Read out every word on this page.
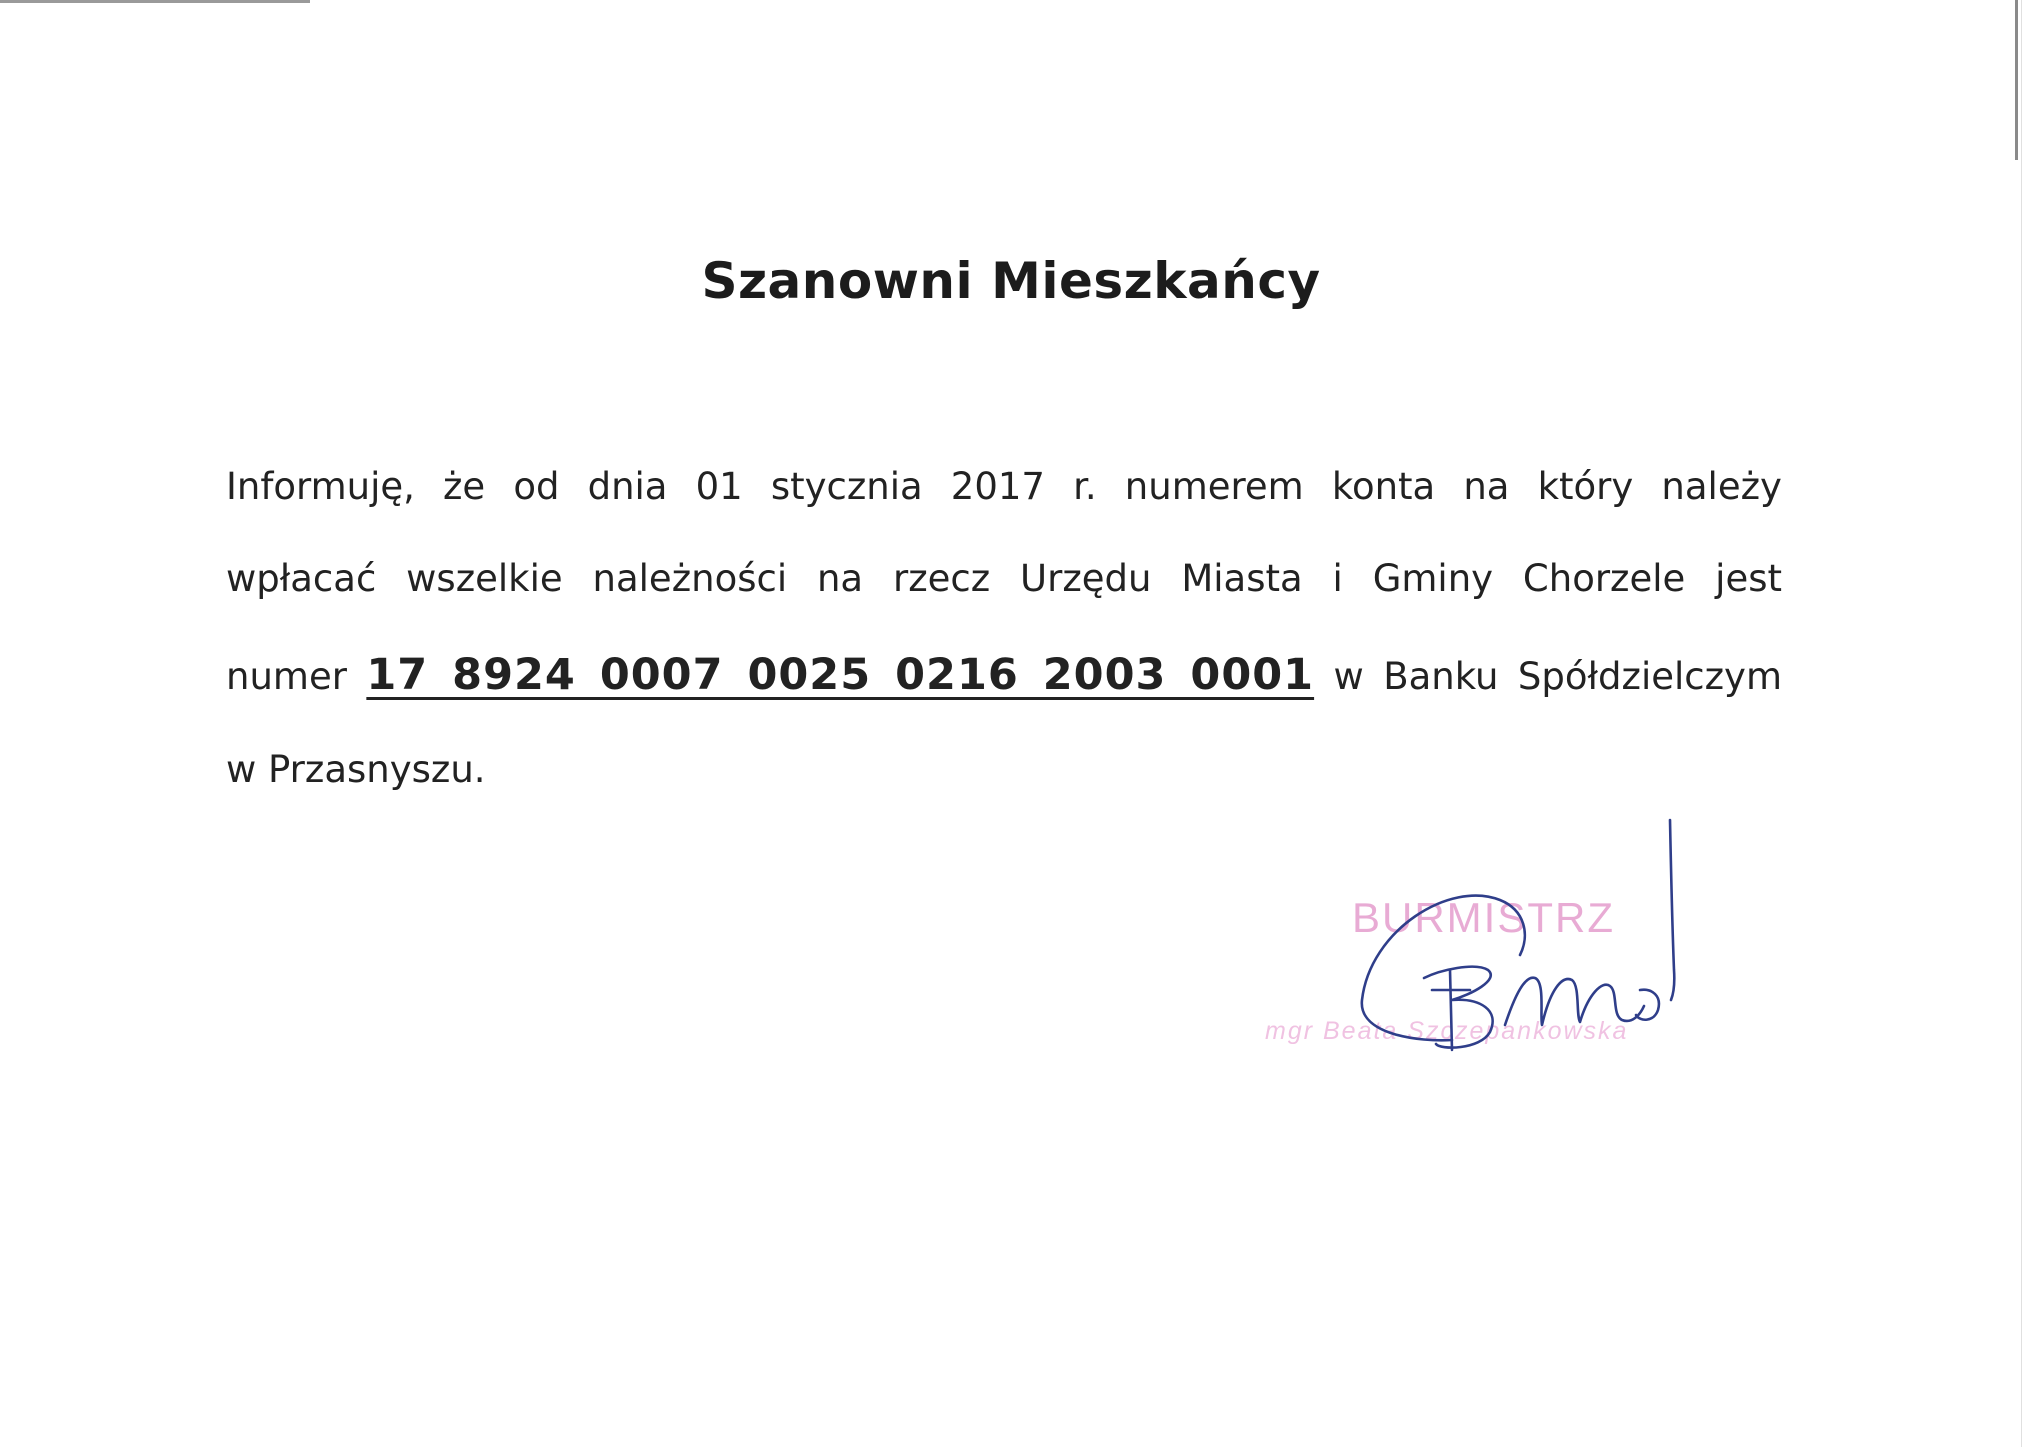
Szanowni Mieszkańcy
Informuję, że od dnia 01 stycznia 2017 r. numerem konta na który należy
wpłacać wszelkie należności na rzecz Urzędu Miasta i Gminy Chorzele jest
numer 17 8924 0007 0025 0216 2003 0001 w Banku Spółdzielczym
w Przasnyszu.
BURMISTRZ
mgr Beata Szczepankowska
